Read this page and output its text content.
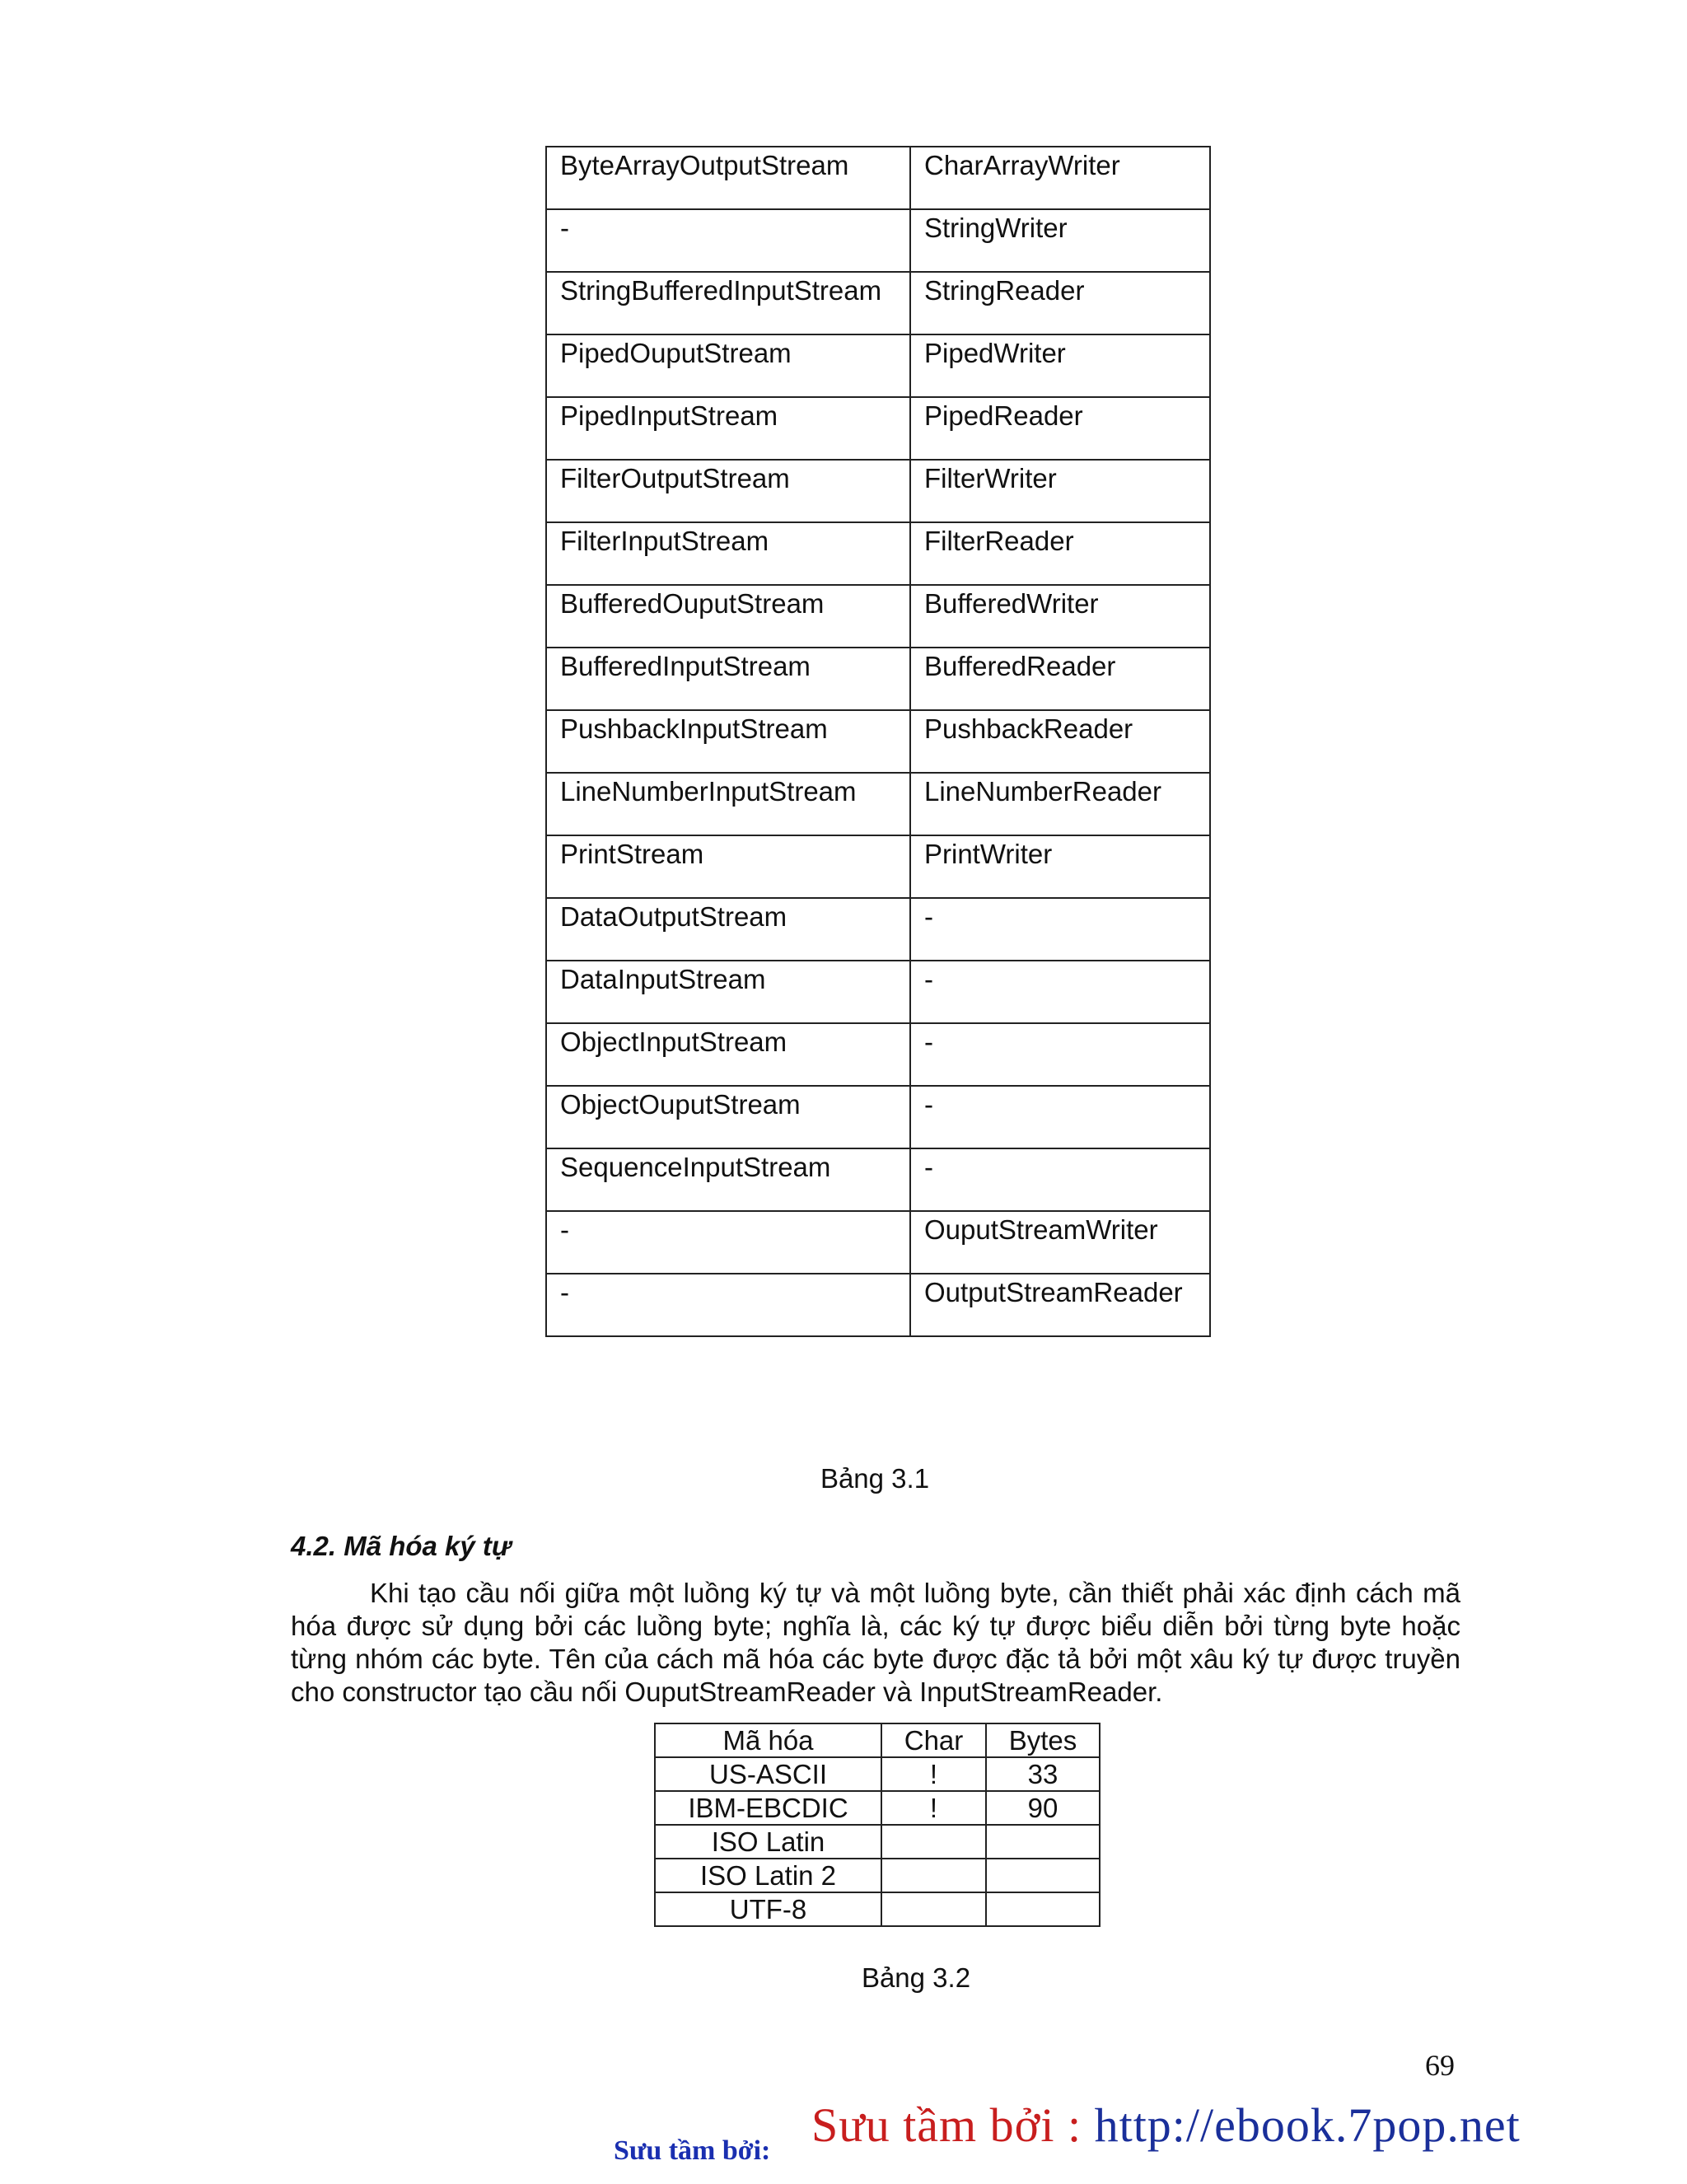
ByteArrayOutputStream	CharArrayWriter
-	StringWriter
StringBufferedInputStream	StringReader
PipedOuputStream	PipedWriter
PipedInputStream	PipedReader
FilterOutputStream	FilterWriter
FilterInputStream	FilterReader
BufferedOuputStream	BufferedWriter
BufferedInputStream	BufferedReader
PushbackInputStream	PushbackReader
LineNumberInputStream	LineNumberReader
PrintStream	PrintWriter
DataOutputStream	-
DataInputStream	-
ObjectInputStream	-
ObjectOuputStream	-
SequenceInputStream	-
-	OuputStreamWriter
-	OutputStreamReader
Bảng 3.1
4.2. Mã hóa ký tự

Khi tạo cầu nối giữa một luồng ký tự và một luồng byte, cần thiết phải xác định cách mã hóa được sử dụng bởi các luồng byte; nghĩa là, các ký tự được biểu diễn bởi từng byte hoặc từng nhóm các byte. Tên của cách mã hóa các byte được đặc tả bởi một xâu ký tự được truyền cho constructor tạo cầu nối OuputStreamReader và InputStreamReader.

Mã hóa	Char	Bytes
US-ASCII	!	33
IBM-EBCDIC	!	90
ISO Latin		
ISO Latin 2		
UTF-8		
Bảng 3.2
69
Sưu tầm bởi : http://ebook.7pop.net
Sưu tầm bởi:
